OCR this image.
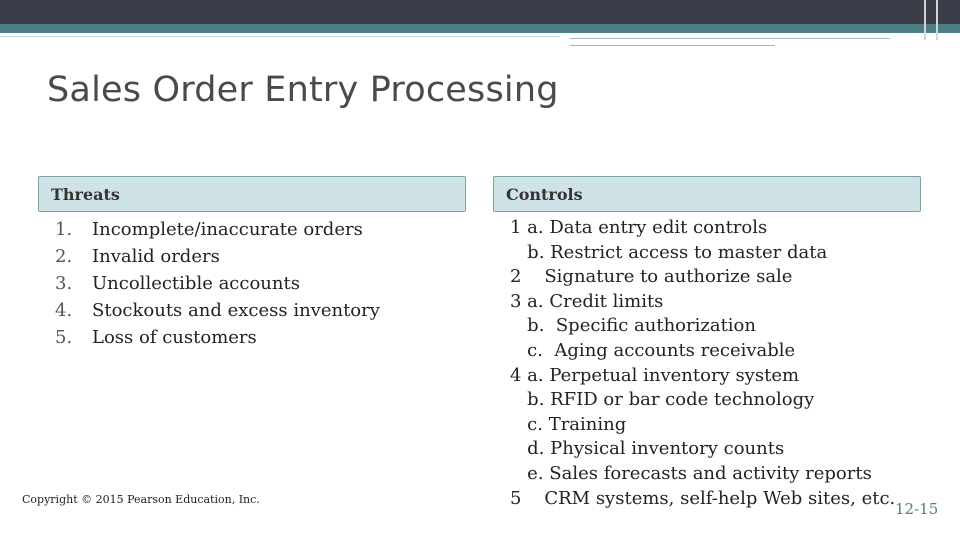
Sales Order Entry Processing
Threats	Controls
1. Incomplete/inaccurate orders
2. Invalid orders
3. Uncollectible accounts
4. Stockouts and excess inventory
5. Loss of customers
1 a. Data entry edit controls
b. Restrict access to master data
2    Signature to authorize sale
3 a. Credit limits
b.  Specific authorization
c.  Aging accounts receivable
4 a. Perpetual inventory system
b. RFID or bar code technology
c. Training
d. Physical inventory counts
e. Sales forecasts and activity reports
5    CRM systems, self-help Web sites, etc.
Copyright © 2015 Pearson Education, Inc.
12-15
